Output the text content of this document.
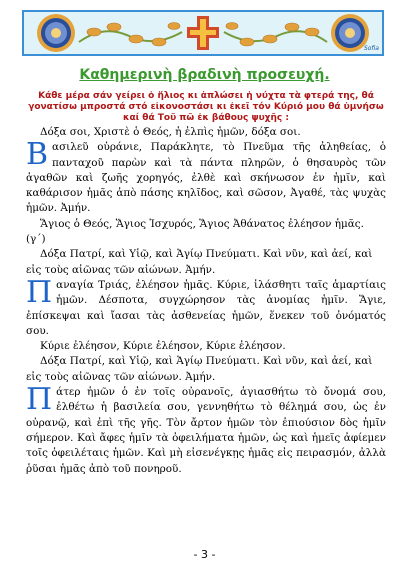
Sofia
Καθημερινὴ βραδινὴ προσευχή.
Κάθε μέρα σάν γείρει ὁ ἥλιος κι ἁπλώσει ἡ νύχτα τὰ φτερά της, θά γονατίσω μπροστά στό εἰκονοστάσι κι ἐκεῖ τόν Κύριό μου θά ὑμνήσω καί θά Τοῦ πῶ ἐκ βάθους ψυχῆς :

Δόξα σοι, Χριστὲ ὁ Θεός, ἡ ἐλπὶς ἡμῶν, δόξα σοι.

Βασιλεῦ οὐράνιε, Παράκλητε, τὸ Πνεῦμα τῆς ἀληθείας, ὁ πανταχοῦ παρὼν καὶ τὰ πάντα πληρῶν, ὁ θησαυρὸς τῶν ἀγαθῶν καὶ ζωῆς χορηγός, ἐλθὲ καὶ σκήνωσον ἐν ἡμῖν, καὶ καθάρισον ἡμᾶς ἀπὸ πάσης κηλῖδος, καὶ σῶσον, Ἀγαθέ, τὰς ψυχὰς ἡμῶν. Ἀμήν.

Ἅγιος ὁ Θεός, Ἅγιος Ἰσχυρός, Ἅγιος Ἀθάνατος ἐλέησον ἡμᾶς. (γ΄)

Δόξα Πατρί, καὶ Υἱῷ, καὶ Ἁγίῳ Πνεύματι. Καὶ νῦν, καὶ ἀεί, καὶ εἰς τοὺς αἰῶνας τῶν αἰώνων. Ἀμήν.

Παναγία Τριάς, ἐλέησον ἡμᾶς. Κύριε, ἱλάσθητι ταῖς ἁμαρτίαις ἡμῶν. Δέσποτα, συγχώρησον τὰς ἀνομίας ἡμῖν. Ἅγιε, ἐπίσκεψαι καὶ ἴασαι τὰς ἀσθενείας ἡμῶν, ἕνεκεν τοῦ ὀνόματός σου.

Κύριε ἐλέησον, Κύριε ἐλέησον, Κύριε ἐλέησον.

Δόξα Πατρί, καὶ Υἱῷ, καὶ Ἁγίῳ Πνεύματι. Καὶ νῦν, καὶ ἀεί, καὶ εἰς τοὺς αἰῶνας τῶν αἰώνων. Ἀμήν.

Πάτερ ἡμῶν ὁ ἐν τοῖς οὐρανοῖς, ἁγιασθήτω τὸ ὄνομά σου, ἐλθέτω ἡ βασιλεία σου, γεννηθήτω τὸ θέλημά σου, ὡς ἐν οὐρανῷ, καὶ ἐπὶ τῆς γῆς. Τὸν ἄρτον ἡμῶν τὸν ἐπιούσιον δὸς ἡμῖν σήμερον. Καὶ ἄφες ἡμῖν τὰ ὀφειλήματα ἡμῶν, ὡς καὶ ἡμεῖς ἀφίεμεν τοῖς ὀφειλέταις ἡμῶν. Καὶ μὴ εἰσενέγκῃς ἡμᾶς εἰς πειρασμόν, ἀλλὰ ῥῦσαι ἡμᾶς ἀπὸ τοῦ πονηροῦ.

- 3 -
